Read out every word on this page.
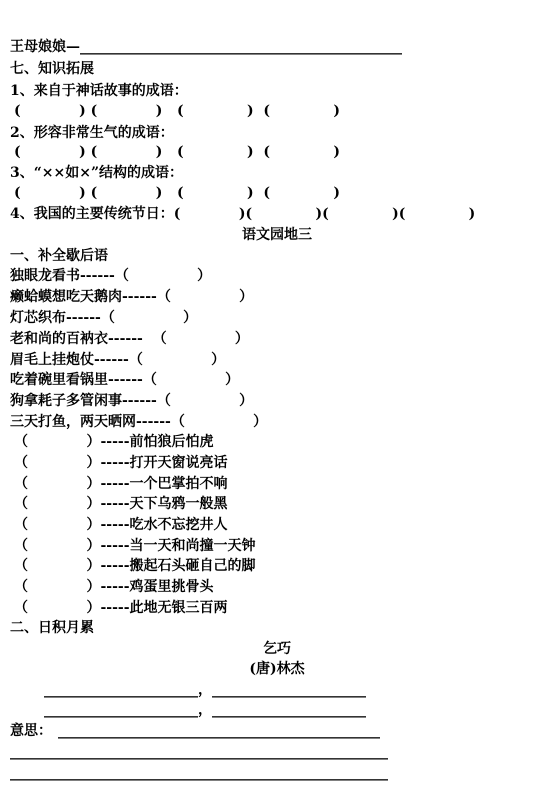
王母娘娘—______________________________________________
七、知识拓展
1、来自于神话故事的成语：
(            ) (            )   (             )  (             )
2、形容非常生气的成语：
(            ) (            )   (             )  (             )
3、“××如×”结构的成语：
(            ) (            )   (             )  (             )
4、我国的主要传统节日：(            )(             )(             )(             )
语文园地三
一、补全歇后语
独眼龙看书------（              ）
癞蛤蟆想吃天鹅肉------（              ）
灯芯织布------（              ）
老和尚的百衲衣------  （              ）
眉毛上挂炮仗------（              ）
吃着碗里看锅里------（              ）
狗拿耗子多管闲事------（              ）
三天打鱼，两天晒网------（              ）
（            ）-----前怕狼后怕虎
（            ）-----打开天窗说亮话
（            ）-----一个巴掌拍不响
（            ）-----天下乌鸦一般黑
（            ）-----吃水不忘挖井人
（            ）-----当一天和尚撞一天钟
（            ）-----搬起石头砸自己的脚
（            ）-----鸡蛋里挑骨头
（            ）-----此地无银三百两
二、日积月累
乞巧
(唐)林杰
______________________，______________________
______________________，______________________
意思： ______________________________________________
______________________________________________________
______________________________________________________
